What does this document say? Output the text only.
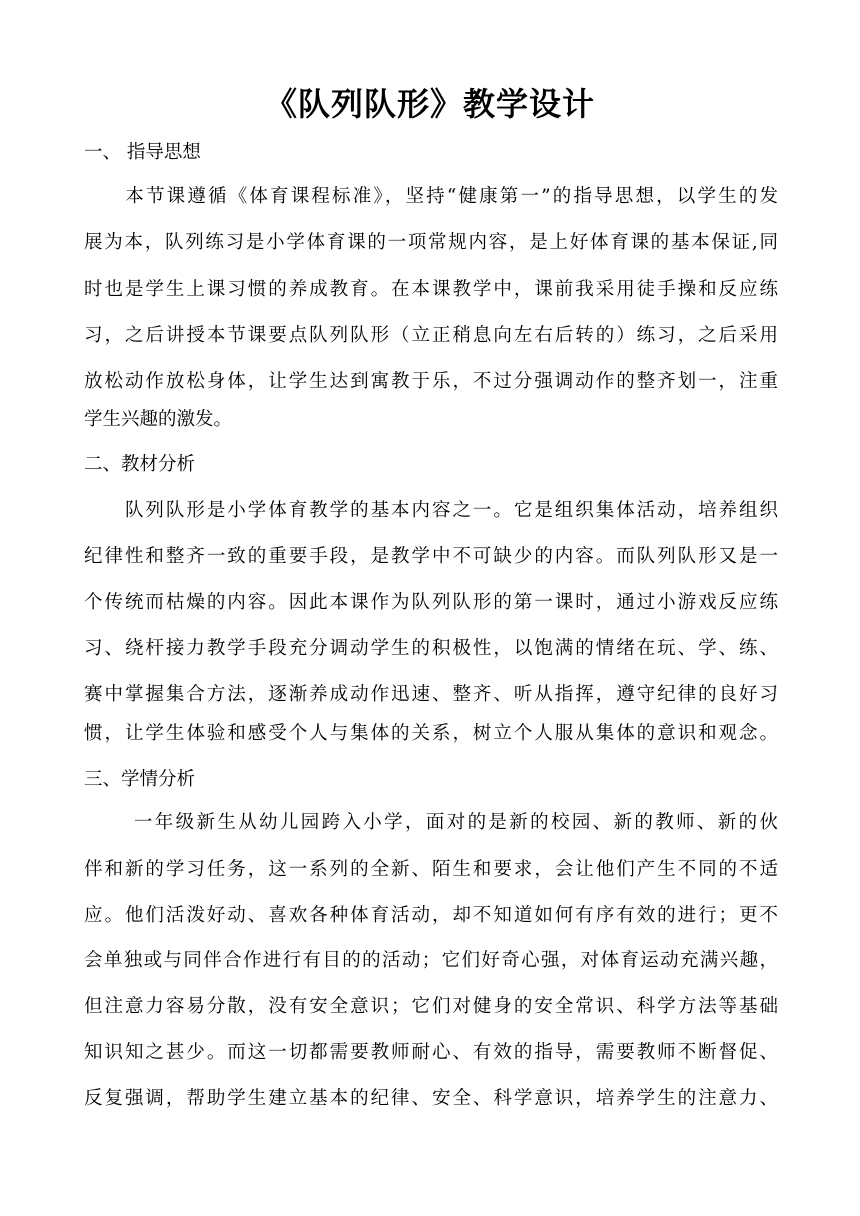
《队列队形》教学设计
一、 指导思想
　　本节课遵循《体育课程标准》，坚持“健康第一”的指导思想，以学生的发
展为本，队列练习是小学体育课的一项常规内容，是上好体育课的基本保证,同
时也是学生上课习惯的养成教育。在本课教学中，课前我采用徒手操和反应练
习，之后讲授本节课要点队列队形（立正稍息向左右后转的）练习，之后采用
放松动作放松身体，让学生达到寓教于乐，不过分强调动作的整齐划一，注重
学生兴趣的激发。
二、教材分析
　　队列队形是小学体育教学的基本内容之一。它是组织集体活动，培养组织
纪律性和整齐一致的重要手段，是教学中不可缺少的内容。而队列队形又是一
个传统而枯燥的内容。因此本课作为队列队形的第一课时，通过小游戏反应练
习、绕杆接力教学手段充分调动学生的积极性，以饱满的情绪在玩、学、练、
赛中掌握集合方法，逐渐养成动作迅速、整齐、听从指挥，遵守纪律的良好习
惯，让学生体验和感受个人与集体的关系，树立个人服从集体的意识和观念。
三、学情分析
　　 一年级新生从幼儿园跨入小学，面对的是新的校园、新的教师、新的伙
伴和新的学习任务，这一系列的全新、陌生和要求，会让他们产生不同的不适
应。他们活泼好动、喜欢各种体育活动，却不知道如何有序有效的进行；更不
会单独或与同伴合作进行有目的的活动；它们好奇心强，对体育运动充满兴趣，
但注意力容易分散，没有安全意识；它们对健身的安全常识、科学方法等基础
知识知之甚少。而这一切都需要教师耐心、有效的指导，需要教师不断督促、
反复强调，帮助学生建立基本的纪律、安全、科学意识，培养学生的注意力、
